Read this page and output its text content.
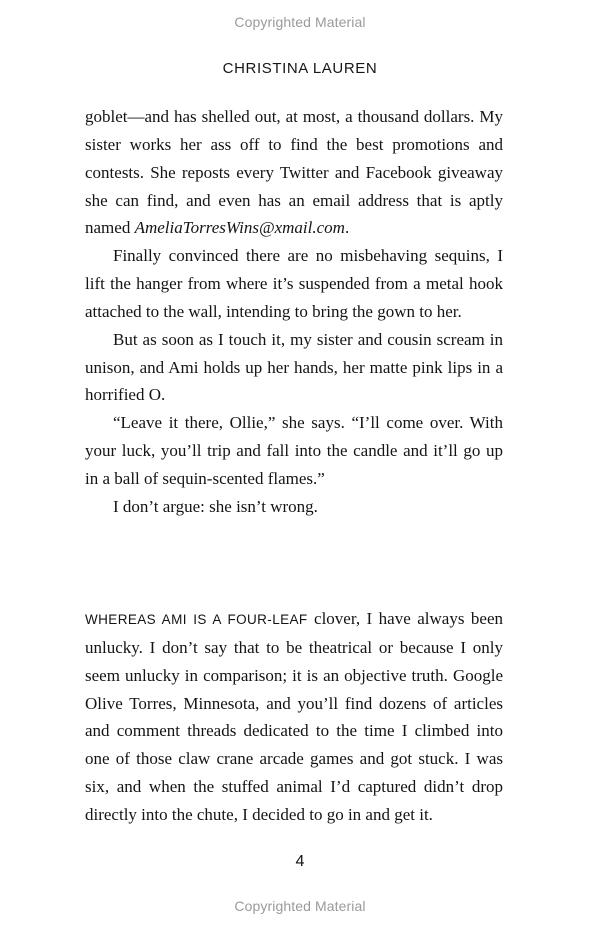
Copyrighted Material
CHRISTINA LAUREN

goblet—and has shelled out, at most, a thousand dollars. My sister works her ass off to find the best promotions and contests. She reposts every Twitter and Facebook giveaway she can find, and even has an email address that is aptly named AmeliaTorresWins@xmail.com.

Finally convinced there are no misbehaving sequins, I lift the hanger from where it’s suspended from a metal hook attached to the wall, intending to bring the gown to her.

But as soon as I touch it, my sister and cousin scream in unison, and Ami holds up her hands, her matte pink lips in a horrified O.

“Leave it there, Ollie,” she says. “I’ll come over. With your luck, you’ll trip and fall into the candle and it’ll go up in a ball of sequin-scented flames.”

I don’t argue: she isn’t wrong.

WHEREAS AMI IS A FOUR-LEAF clover, I have always been unlucky. I don’t say that to be theatrical or because I only seem unlucky in comparison; it is an objective truth. Google Olive Torres, Minnesota, and you’ll find dozens of articles and comment threads dedicated to the time I climbed into one of those claw crane arcade games and got stuck. I was six, and when the stuffed animal I’d captured didn’t drop directly into the chute, I decided to go in and get it.

4
Copyrighted Material
